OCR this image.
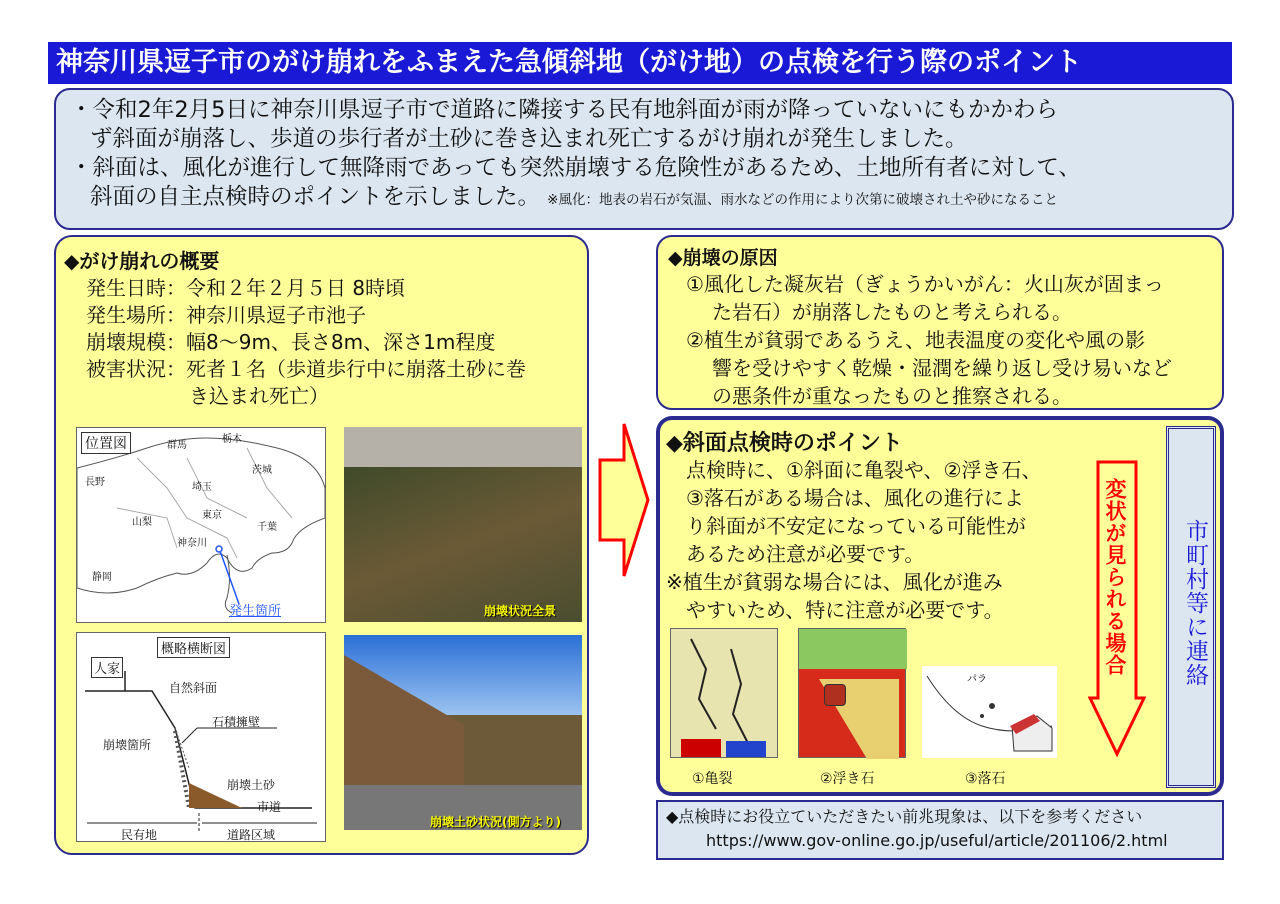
神奈川県逗子市のがけ崩れをふまえた急傾斜地（がけ地）の点検を行う際のポイント
・令和2年2月5日に神奈川県逗子市で道路に隣接する民有地斜面が雨が降っていないにもかかわら
ず斜面が崩落し、歩道の歩行者が土砂に巻き込まれ死亡するがけ崩れが発生しました。
・斜面は、風化が進行して無降雨であっても突然崩壊する危険性があるため、土地所有者に対して、
斜面の自主点検時のポイントを示しました。 ※風化：地表の岩石が気温、雨水などの作用により次第に破壊され土や砂になること
◆がけ崩れの概要
発生日時：令和２年２月５日 8時頃
発生場所：神奈川県逗子市池子
崩壊規模：幅8～9m、長さ8m、深さ1m程度
被害状況：死者１名（歩道歩行中に崩落土砂に巻
き込まれ死亡）
位置図	群馬
栃木
茨城
長野	埼玉
山梨
東京
千葉
神奈川
静岡
発生箇所
概略横断図
人家
自然斜面
石積擁壁
崩壊箇所
崩壊土砂
市道
民有地	道路区域
崩壊状況全景
崩壊土砂状況(側方より)
◆崩壊の原因
①風化した凝灰岩（ぎょうかいがん：火山灰が固まっ
た岩石）が崩落したものと考えられる。
②植生が貧弱であるうえ、地表温度の変化や風の影
響を受けやすく乾燥・湿潤を繰り返し受け易いなど
の悪条件が重なったものと推察される。
◆斜面点検時のポイント
点検時に、①斜面に亀裂や、②浮き石、
③落石がある場合は、風化の進行によ
り斜面が不安定になっている可能性が
あるため注意が必要です。
※植生が貧弱な場合には、風化が進み
やすいため、特に注意が必要です。
①亀裂	②浮き石
パラ
③落石
変状が見られる場合 市町村等に連絡
◆点検時にお役立ていただきたい前兆現象は、以下を参考ください
https://www.gov-online.go.jp/useful/article/201106/2.html
